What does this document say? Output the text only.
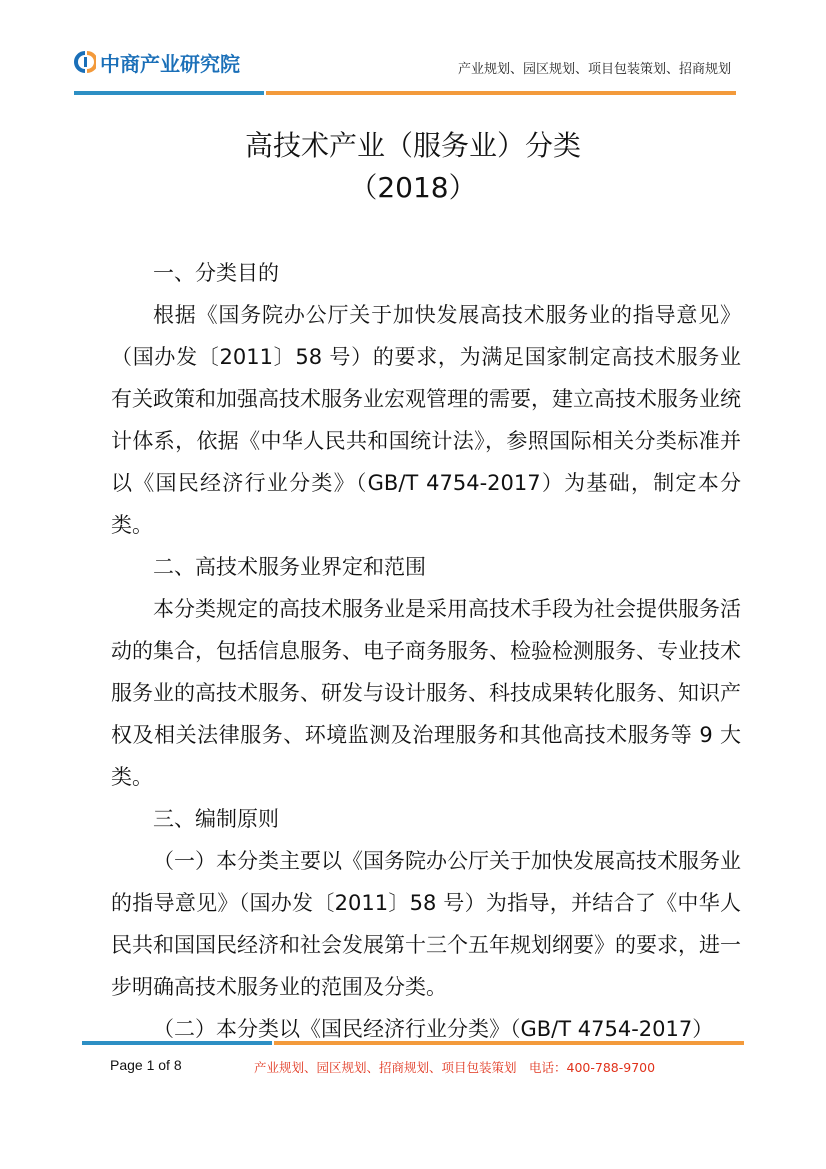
中商产业研究院	产业规划、园区规划、项目包装策划、招商规划
高技术产业（服务业）分类
（2018）

一、分类目的

根据《国务院办公厅关于加快发展高技术服务业的指导意见》（国办发〔2011〕58 号）的要求，为满足国家制定高技术服务业有关政策和加强高技术服务业宏观管理的需要，建立高技术服务业统计体系，依据《中华人民共和国统计法》，参照国际相关分类标准并以《国民经济行业分类》（GB/T 4754-2017）为基础，制定本分类。

二、高技术服务业界定和范围

本分类规定的高技术服务业是采用高技术手段为社会提供服务活动的集合，包括信息服务、电子商务服务、检验检测服务、专业技术服务业的高技术服务、研发与设计服务、科技成果转化服务、知识产权及相关法律服务、环境监测及治理服务和其他高技术服务等 9 大类。

三、编制原则

（一）本分类主要以《国务院办公厅关于加快发展高技术服务业的指导意见》（国办发〔2011〕58 号）为指导，并结合了《中华人民共和国国民经济和社会发展第十三个五年规划纲要》的要求，进一步明确高技术服务业的范围及分类。

（二）本分类以《国民经济行业分类》（GB/T 4754-2017）

Page 1 of 8	产业规划、园区规划、招商规划、项目包装策划　电话：400-788-9700
